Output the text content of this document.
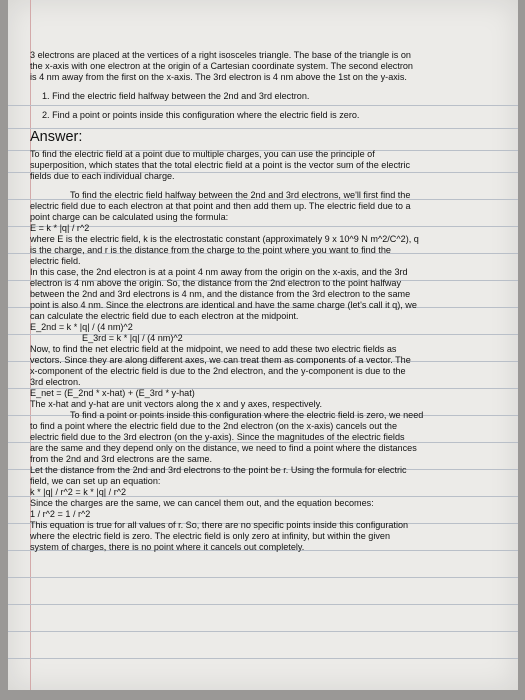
3 electrons are placed at the vertices of a right isosceles triangle. The base of the triangle is on

the x-axis with one electron at the origin of a Cartesian coordinate system. The second electron

is 4 nm away from the first on the x-axis. The 3rd electron is 4 nm above the 1st on the y-axis.

1. Find the electric field halfway between the 2nd and 3rd electron.

2. Find a point or points inside this configuration where the electric field is zero.

Answer:

To find the electric field at a point due to multiple charges, you can use the principle of

superposition, which states that the total electric field at a point is the vector sum of the electric

fields due to each individual charge.

To find the electric field halfway between the 2nd and 3rd electrons, we'll first find the

electric field due to each electron at that point and then add them up. The electric field due to a

point charge can be calculated using the formula:

E = k * |q| / r^2

where E is the electric field, k is the electrostatic constant (approximately 9 x 10^9 N m^2/C^2), q

is the charge, and r is the distance from the charge to the point where you want to find the

electric field.

In this case, the 2nd electron is at a point 4 nm away from the origin on the x-axis, and the 3rd

electron is 4 nm above the origin. So, the distance from the 2nd electron to the point halfway

between the 2nd and 3rd electrons is 4 nm, and the distance from the 3rd electron to the same

point is also 4 nm. Since the electrons are identical and have the same charge (let's call it q), we

can calculate the electric field due to each electron at the midpoint.

E_2nd = k * |q| / (4 nm)^2

E_3rd = k * |q| / (4 nm)^2

Now, to find the net electric field at the midpoint, we need to add these two electric fields as

vectors. Since they are along different axes, we can treat them as components of a vector. The

x-component of the electric field is due to the 2nd electron, and the y-component is due to the

3rd electron.

E_net = (E_2nd * x-hat) + (E_3rd * y-hat)

The x-hat and y-hat are unit vectors along the x and y axes, respectively.

To find a point or points inside this configuration where the electric field is zero, we need

to find a point where the electric field due to the 2nd electron (on the x-axis) cancels out the

electric field due to the 3rd electron (on the y-axis). Since the magnitudes of the electric fields

are the same and they depend only on the distance, we need to find a point where the distances

from the 2nd and 3rd electrons are the same.

Let the distance from the 2nd and 3rd electrons to the point be r. Using the formula for electric

field, we can set up an equation:

k * |q| / r^2 = k * |q| / r^2

Since the charges are the same, we can cancel them out, and the equation becomes:

1 / r^2 = 1 / r^2

This equation is true for all values of r. So, there are no specific points inside this configuration

where the electric field is zero. The electric field is only zero at infinity, but within the given

system of charges, there is no point where it cancels out completely.
